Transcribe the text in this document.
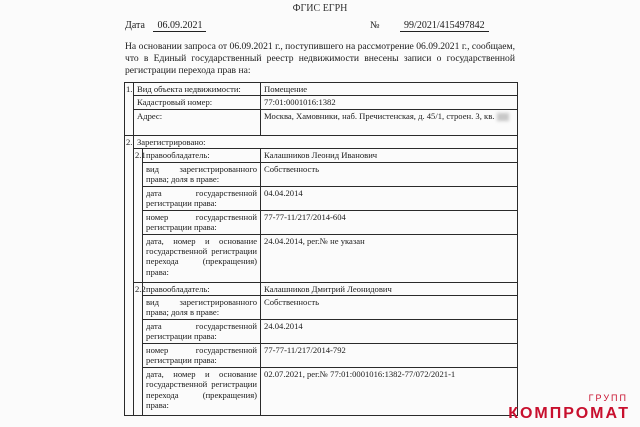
ФГИС ЕГРН
Дата 06.09.2021	№ 99/2021/415497842
На основании запроса от 06.09.2021 г., поступившего на рассмотрение 06.09.2021 г., сообщаем, что в Единый государственный реестр недвижимости внесены записи о государственной регистрации перехода прав на:
1.	Вид объекта недвижимости:		Помещение
	Кадастровый номер:		77:01:0001016:1382
	Адрес:		Москва, Хамовники, наб. Пречистенская, д. 45/1, строен. 3, кв.
2.	Зарегистрировано:		
	2.1	правообладатель:	Калашников Леонид Иванович
		вид зарегистрированного права; доля в праве:	Собственность
		дата государственной регистрации права:	04.04.2014
		номер государственной регистрации права:	77-77-11/217/2014-604
		дата, номер и основание государственной регистрации перехода (прекращения) права:	24.04.2014, рег.№ не указан
	2.2	правообладатель:	Калашников Дмитрий Леонидович
		вид зарегистрированного права; доля в праве:	Собственность
		дата государственной регистрации права:	24.04.2014
		номер государственной регистрации права:	77-77-11/217/2014-792
		дата, номер и основание государственной регистрации перехода (прекращения) права:	02.07.2021, рег.№ 77:01:0001016:1382-77/072/2021-1
ГРУПП
КОМПРОМАТ
